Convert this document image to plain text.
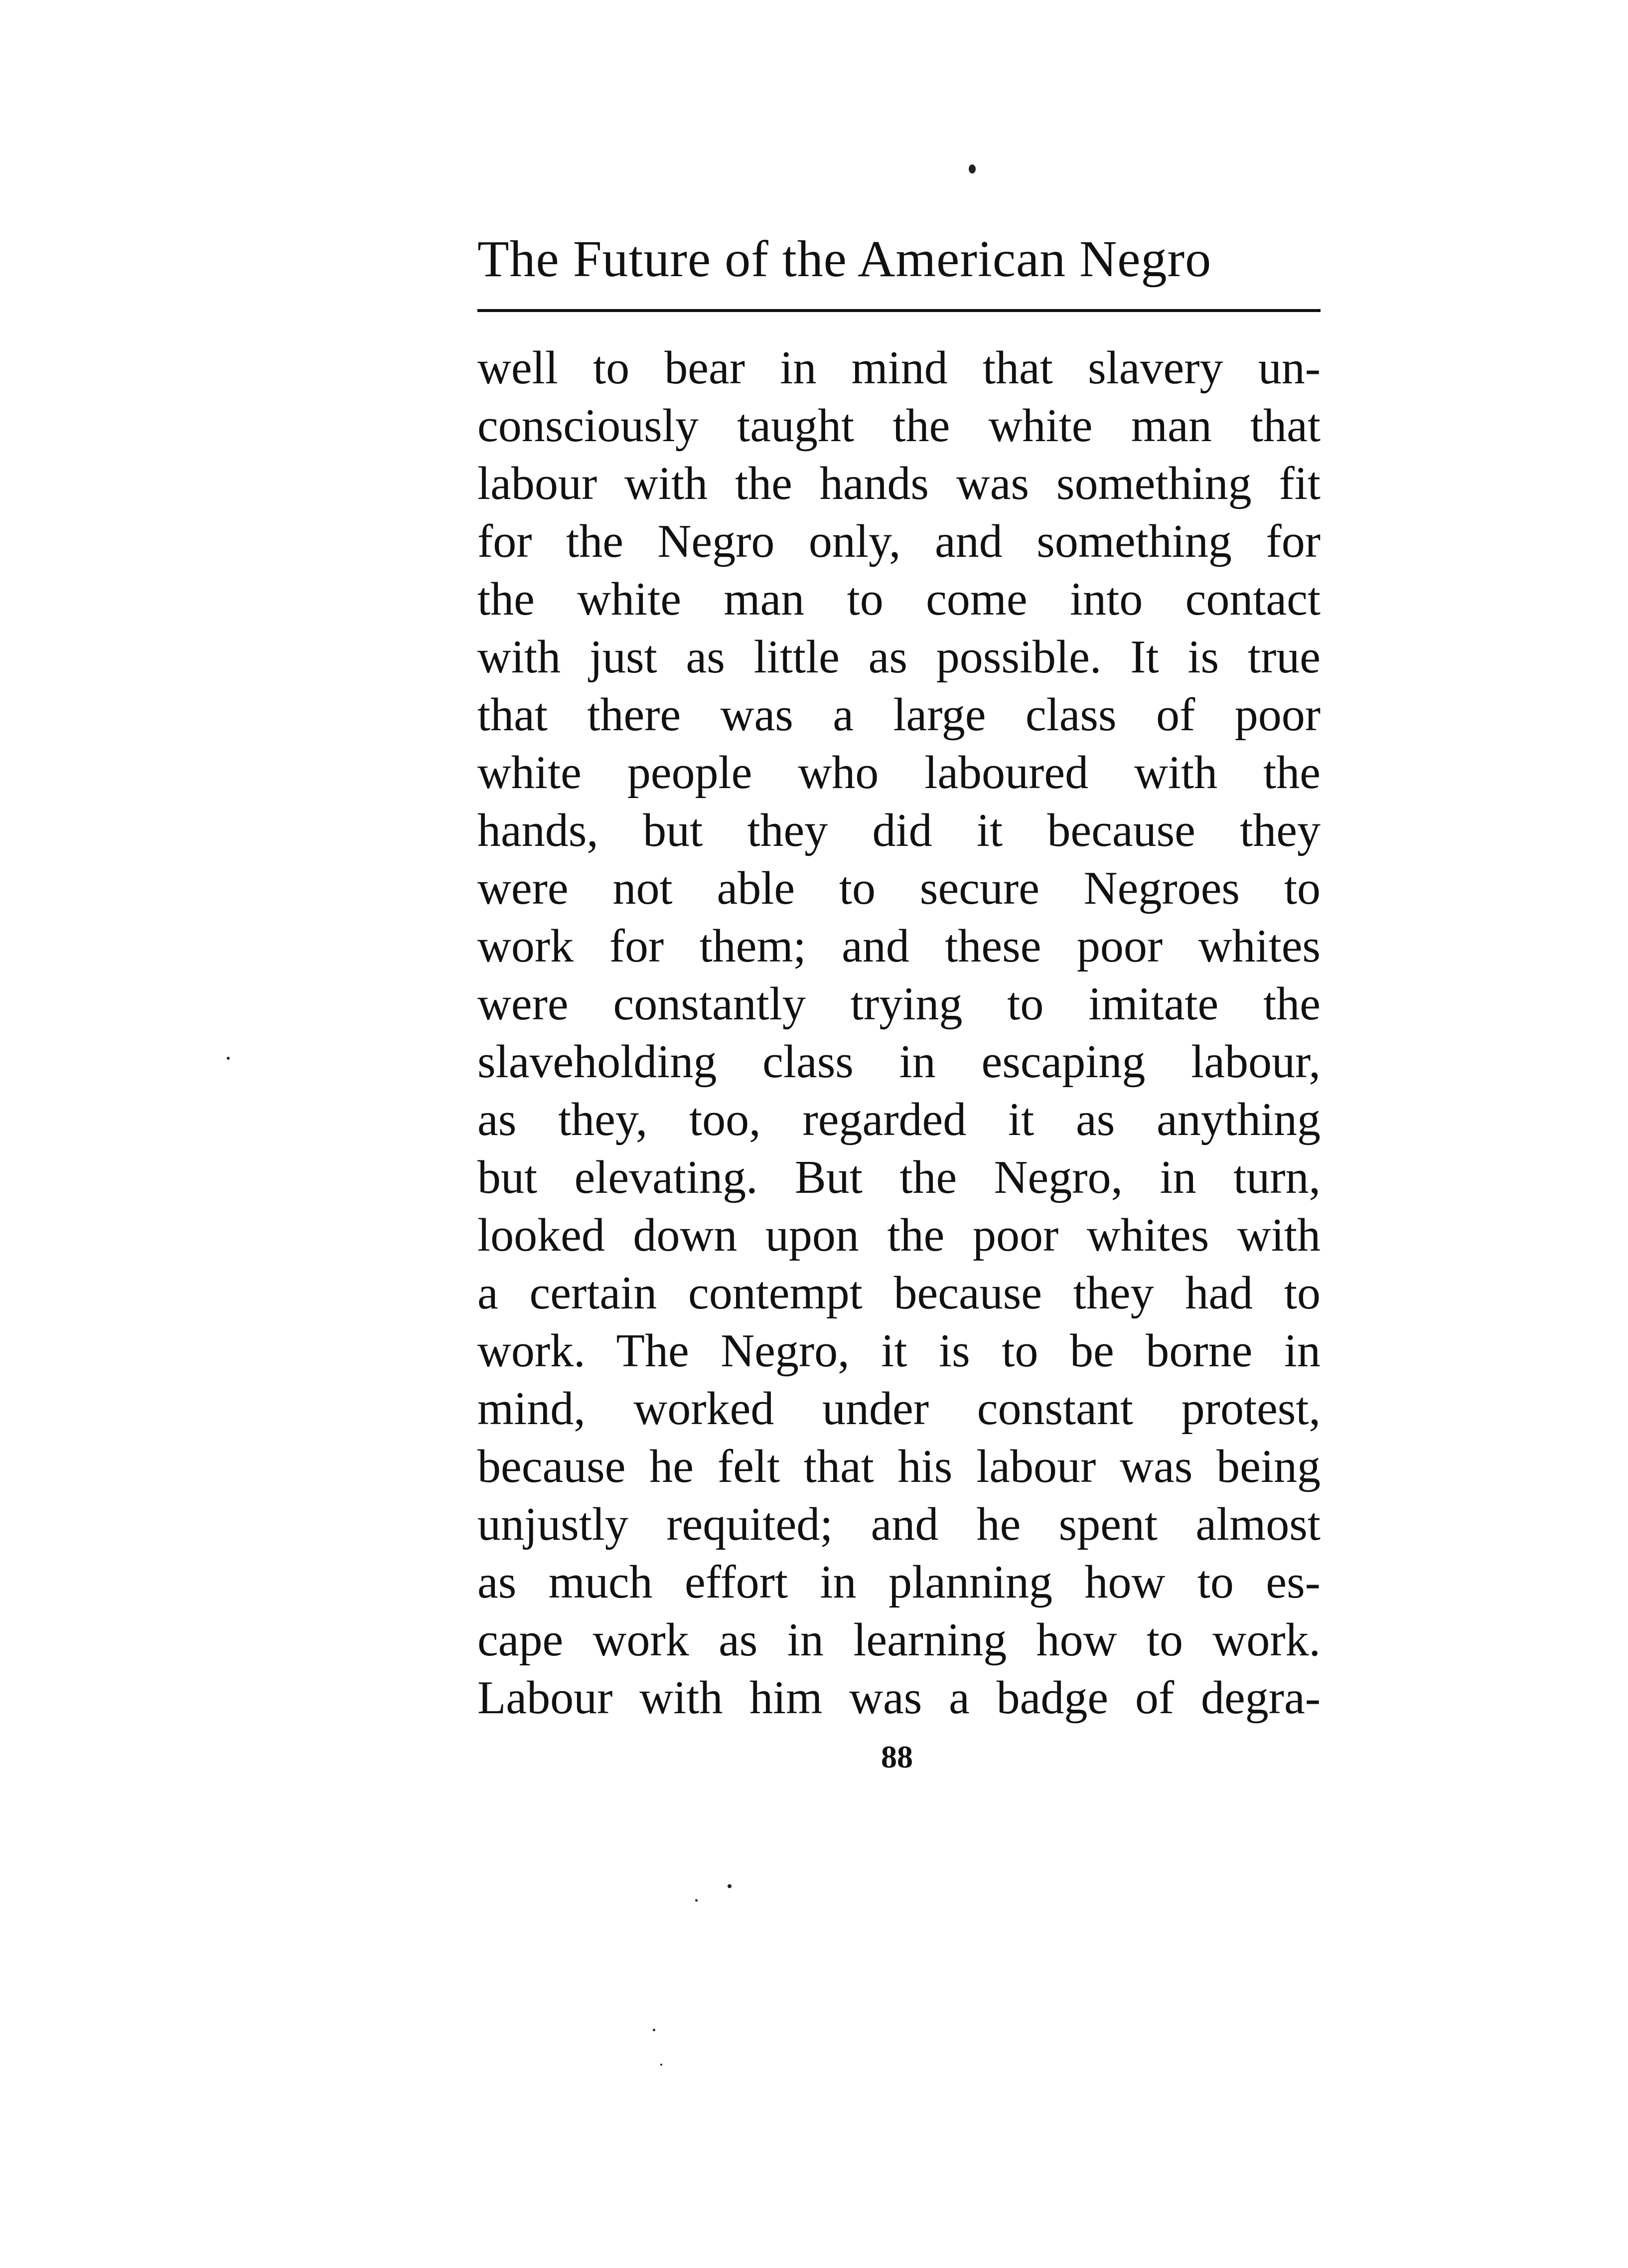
The Future of the American Negro
well to bear in mind that slavery un-
consciously taught the white man that
labour with the hands was something fit
for the Negro only, and something for
the white man to come into contact
with just as little as possible. It is true
that there was a large class of poor
white people who laboured with the
hands, but they did it because they
were not able to secure Negroes to
work for them; and these poor whites
were constantly trying to imitate the
slaveholding class in escaping labour,
as they, too, regarded it as anything
but elevating. But the Negro, in turn,
looked down upon the poor whites with
a certain contempt because they had to
work. The Negro, it is to be borne in
mind, worked under constant protest,
because he felt that his labour was being
unjustly requited; and he spent almost
as much effort in planning how to es-
cape work as in learning how to work.
Labour with him was a badge of degra-
88
